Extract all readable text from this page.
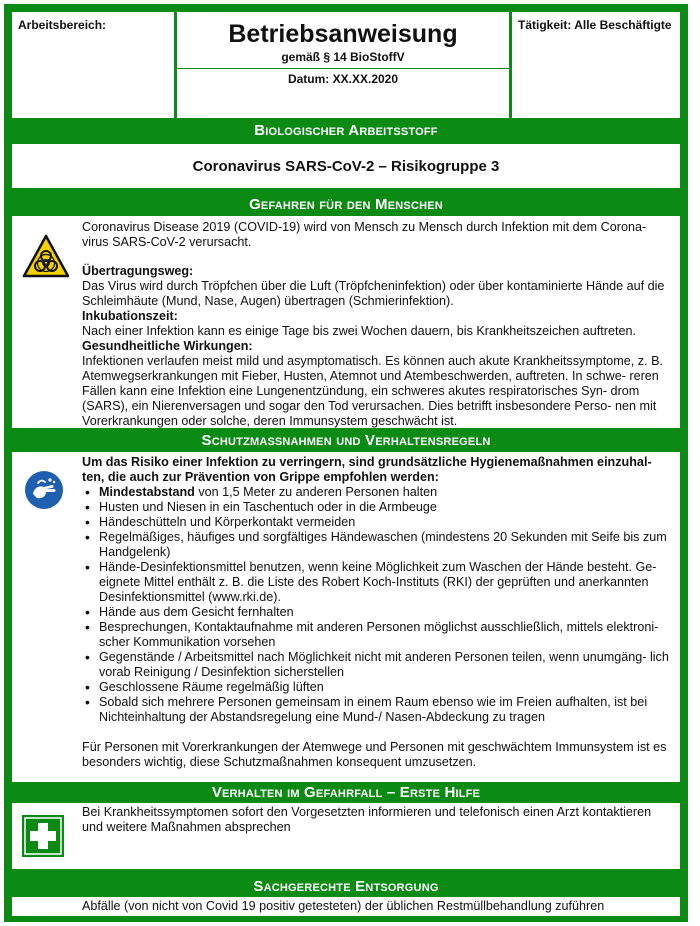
Arbeitsbereich:	Betriebsanweisung
gemäß § 14 BioStoffV
Datum: XX.XX.2020
Tätigkeit: Alle Beschäftigte
Biologischer Arbeitsstoff
Coronavirus SARS-CoV-2 – Risikogruppe 3
Gefahren für den Menschen
Coronavirus Disease 2019 (COVID-19) wird von Mensch zu Mensch durch Infektion mit dem Corona- virus SARS-CoV-2 verursacht.
Übertragungsweg:
Das Virus wird durch Tröpfchen über die Luft (Tröpfcheninfektion) oder über kontaminierte Hände auf die Schleimhäute (Mund, Nase, Augen) übertragen (Schmierinfektion).
Inkubationszeit:
Nach einer Infektion kann es einige Tage bis zwei Wochen dauern, bis Krankheitszeichen auftreten.
Gesundheitliche Wirkungen:
Infektionen verlaufen meist mild und asymptomatisch. Es können auch akute Krankheitssymptome, z. B. Atemwegserkrankungen mit Fieber, Husten, Atemnot und Atembeschwerden, auftreten. In schwe- reren Fällen kann eine Infektion eine Lungenentzündung, ein schweres akutes respiratorisches Syn- drom (SARS), ein Nierenversagen und sogar den Tod verursachen. Dies betrifft insbesondere Perso- nen mit Vorerkrankungen oder solche, deren Immunsystem geschwächt ist.
Schutzmaßnahmen und Verhaltensregeln
Um das Risiko einer Infektion zu verringern, sind grundsätzliche Hygienemaßnahmen einzuhal- ten, die auch zur Prävention von Grippe empfohlen werden:
• Mindestabstand von 1,5 Meter zu anderen Personen halten
• Husten und Niesen in ein Taschentuch oder in die Armbeuge
• Händeschütteln und Körperkontakt vermeiden
• Regelmäßiges, häufiges und sorgfältiges Händewaschen (mindestens 20 Sekunden mit Seife bis zum Handgelenk)
• Hände-Desinfektionsmittel benutzen, wenn keine Möglichkeit zum Waschen der Hände besteht. Ge- eignete Mittel enthält z. B. die Liste des Robert Koch-Instituts (RKI) der geprüften und anerkannten Desinfektionsmittel (www.rki.de).
• Hände aus dem Gesicht fernhalten
• Besprechungen, Kontaktaufnahme mit anderen Personen möglichst ausschließlich, mittels elektroni- scher Kommunikation vorsehen
• Gegenstände / Arbeitsmittel nach Möglichkeit nicht mit anderen Personen teilen, wenn unumgäng- lich vorab Reinigung / Desinfektion sicherstellen
• Geschlossene Räume regelmäßig lüften
• Sobald sich mehrere Personen gemeinsam in einem Raum ebenso wie im Freien aufhalten, ist bei Nichteinhaltung der Abstandsregelung eine Mund-/ Nasen-Abdeckung zu tragen
Für Personen mit Vorerkrankungen der Atemwege und Personen mit geschwächtem Immunsystem ist es besonders wichtig, diese Schutzmaßnahmen konsequent umzusetzen.
Verhalten im Gefahrfall – Erste Hilfe
Bei Krankheitssymptomen sofort den Vorgesetzten informieren und telefonisch einen Arzt kontaktieren und weitere Maßnahmen absprechen
Sachgerechte Entsorgung
Abfälle (von nicht von Covid 19 positiv getesteten) der üblichen Restmüllbehandlung zuführen
